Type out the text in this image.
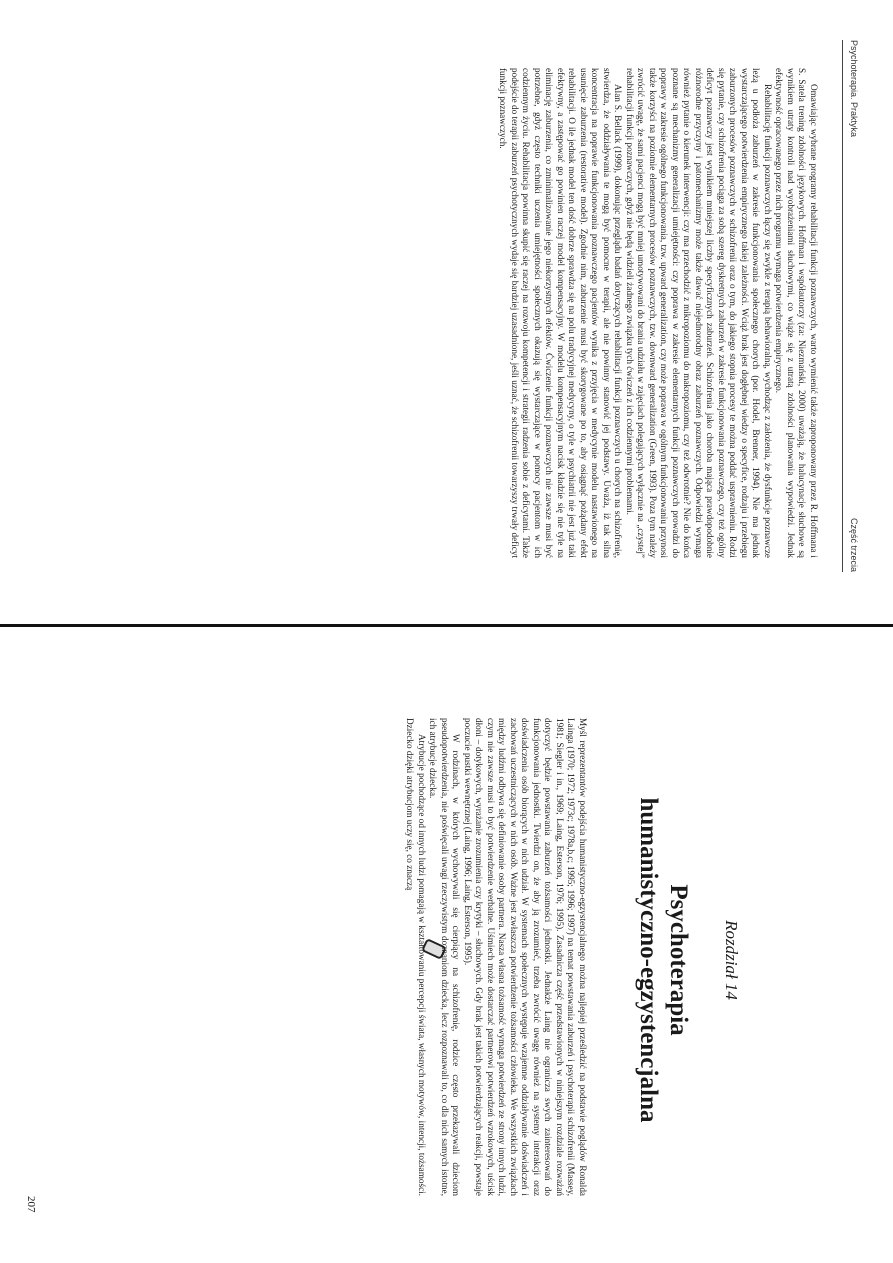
Psychoterapia. Praktyka
Część trzecia

Omawiając wybrane programy rehabilitacji funkcji poznawczych, warto wymienić także zaproponowany przez R. Hoffmana i S. Satela trening zdolności językowych. Hoffman i współautorzy (za: Niezmański, 2000) uważają, że halucynacje słuchowe są wynikiem utraty kontroli nad wyobrażeniami słuchowymi, co wiąże się z utratą zdolności planowania wypowiedzi. Jednak efektywność opracowanego przez nich programu wymaga potwierdzenia empirycznego.

Rehabilitację funkcji poznawczych łączy się zwykle z terapią behawioralną, wychodząc z założenia, że dysfunkcje poznawcze leżą u podłoża zaburzeń w zakresie funkcjonowania społecznego chorych (por. Hodel, Brenner, 1994). Nie ma jednak wystarczającego potwierdzenia empirycznego takiej zależności. Wciąż brak jest dogłębnej wiedzy o specyfice, rodzaju i przebiegu zaburzonych procesów poznawczych w schizofrenii oraz o tym, do jakiego stopnia procesy te można poddać usprawnieniu. Rodzi się pytanie, czy schizofrenia pociąga za sobą szereg dyskretnych zaburzeń w zakresie funkcjonowania poznawczego, czy też ogólny deficyt poznawczy jest wynikiem mniejszej liczby specyficznych zaburzeń. Schizofrenia jako choroba mająca prawdopodobnie różnorodne przyczyny i patomechanizmy może także dawać niejednorodny obraz zaburzeń poznawczych. Odpowiedzi wymaga również pytanie o kierunek interwencji: czy ma przechodzić z mikropoziomu do makropoziomu, czy też odwrotnie? Nie do końca poznane są mechanizmy generalizacji umiejętności: czy poprawa w zakresie elementarnych funkcji poznawczych prowadzi do poprawy w zakresie ogólnego funkcjonowania, tzw. upward generalization, czy może poprawa w ogólnym funkcjonowaniu przynosi także korzyści na poziomie elementarnych procesów poznawczych, tzw. downward generalization (Green, 1993). Poza tym należy zwrócić uwagę, że sami pacjenci mogą być mniej umotywowani do brania udziału w zajęciach polegających wyłącznie na „czystej” rehabilitacji funkcji poznawczych, gdyż nie będą widzieli żadnego związku tych ćwiczeń z ich codziennymi problemami.

Alan S. Bellack (1999), dokonując przeglądu badań dotyczących rehabilitacji funkcji poznawczych u chorych na schizofrenię, stwierdza, że oddziaływania te mogą być pomocne w terapii, ale nie powinny stanowić jej podstawy. Uważa, iż tak silna koncentracja na poprawie funkcjonowania poznawczego pacjentów wynika z przyjęcia w medycynie modelu nastawionego na usunięcie zaburzenia (restorative model). Zgodnie nim, zaburzenie musi być skorygowane po to, aby osiągnąć pożądany efekt rehabilitacji. O ile jednak model ten dość dobrze sprawdza się na polu tradycyjnej medycyny, o tyle w psychiatrii nie jest już taki efektywny, a zastępować go powinien raczej model kompensacyjny. W modelu kompensacyjnym nacisk kładzie się nie tyle na eliminację zaburzenia, co zminimalizowanie jego niekorzystnych efektów. Ćwiczenie funkcji poznawczych nie zawsze musi być potrzebne, gdyż często techniki uczenia umiejętności społecznych okazują się wystarczające w pomocy pacjentom w ich codziennym życiu. Rehabilitacja powinna skupić się raczej na rozwoju kompetencji i strategii radzenia sobie z deficytami. Także podejście do terapii zaburzeń psychotycznych wydaje się bardziej uzasadnione, jeśli uznać, że schizofrenii towarzyszy trwały deficyt funkcji poznawczych.

Rozdział 14
Psychoterapia
humanistyczno-egzystencjalna

Myśl reprezentantów podejścia humanistyczno-egzystencjalnego można najlepiej prześledzić na podstawie poglądów Ronalda Lainga (1970; 1972; 1973c; 1978a,b,c; 1995; 1996; 1997) na temat powstawania zaburzeń i psychoterapii schizofrenii (Massey, 1981; Siegler i in., 1969; Laing, Esterson, 1976; 1995). Zasadnicza część przedstawionych w niniejszym rozdziale rozważań dotyczyć będzie powstawania zaburzeń tożsamości jednostki. Jednakże Laing nie ogranicza swych zainteresowań do funkcjonowania jednostki. Twierdzi on, że aby ją zrozumieć, trzeba zwrócić uwagę również na systemy interakcji oraz doświadczenia osób biorących w nich udział. W systemach społecznych występuje wzajemne oddziaływanie doświadczeń i zachowań uczestniczących w nich osób. Ważne jest zwłaszcza potwierdzenie tożsamości człowieka. We wszystkich związkach między ludźmi odbywa się definiowanie osoby partnera. Nasza własna tożsamość wymaga potwierdzeń ze strony innych ludzi, czym nie zawsze musi to być potwierdzenie werbalne. Uśmiech może dostarczać partnerowi potwierdzeń wzrokowych, uścisk dłoni – dotykowych, wyrażanie zrozumienia czy krytyki – słuchowych. Gdy brak jest takich potwierdzających reakcji, powstaje poczucie pustki wewnętrznej (Laing, 1996; Laing, Esterson, 1995).

W rodzinach, w których wychowywali się cierpiący na schizofrenię, rodzice często przekazywali dzieciom pseudopotwierdzenia, nie poświęcali uwagi rzeczywistym doznaniom dziecka, lecz rozpoznawali to, co dla nich samych istotne, ich atrybucje dziecka.

Atrybucje pochodzące od innych ludzi pomagają w kształtowaniu percepcji świata, własnych motywów, intencji, tożsamości. Dziecko dzięki atrybucjom uczy się, co znaczą

207
